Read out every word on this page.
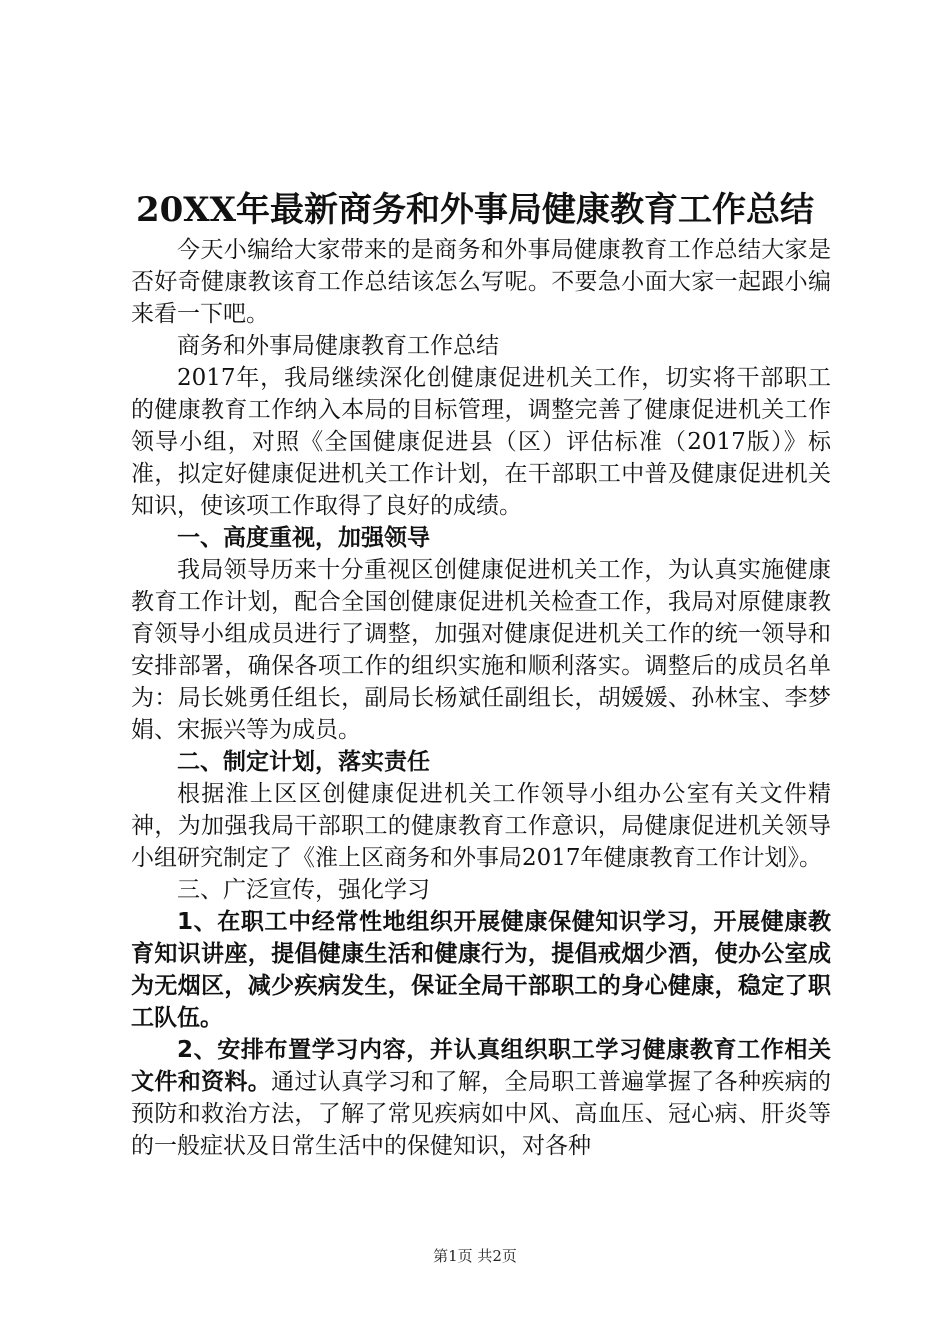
20XX年最新商务和外事局健康教育工作总结

今天小编给大家带来的是商务和外事局健康教育工作总结大家是否好奇健康教该育工作总结该怎么写呢。不要急小面大家一起跟小编来看一下吧。

商务和外事局健康教育工作总结

2017年，我局继续深化创健康促进机关工作，切实将干部职工的健康教育工作纳入本局的目标管理，调整完善了健康促进机关工作领导小组，对照《全国健康促进县（区）评估标准（2017版）》标准，拟定好健康促进机关工作计划，在干部职工中普及健康促进机关知识，使该项工作取得了良好的成绩。

一、高度重视，加强领导

我局领导历来十分重视区创健康促进机关工作，为认真实施健康教育工作计划，配合全国创健康促进机关检查工作，我局对原健康教育领导小组成员进行了调整，加强对健康促进机关工作的统一领导和安排部署，确保各项工作的组织实施和顺利落实。调整后的成员名单为：局长姚勇任组长，副局长杨斌任副组长，胡媛媛、孙林宝、李梦娟、宋振兴等为成员。

二、制定计划，落实责任

根据淮上区区创健康促进机关工作领导小组办公室有关文件精神，为加强我局干部职工的健康教育工作意识，局健康促进机关领导小组研究制定了《淮上区商务和外事局2017年健康教育工作计划》。

三、广泛宣传，强化学习

1、在职工中经常性地组织开展健康保健知识学习，开展健康教育知识讲座，提倡健康生活和健康行为，提倡戒烟少酒，使办公室成为无烟区，减少疾病发生，保证全局干部职工的身心健康，稳定了职工队伍。

2、安排布置学习内容，并认真组织职工学习健康教育工作相关文件和资料。通过认真学习和了解，全局职工普遍掌握了各种疾病的预防和救治方法，了解了常见疾病如中风、高血压、冠心病、肝炎等的一般症状及日常生活中的保健知识，对各种

第1页 共2页
